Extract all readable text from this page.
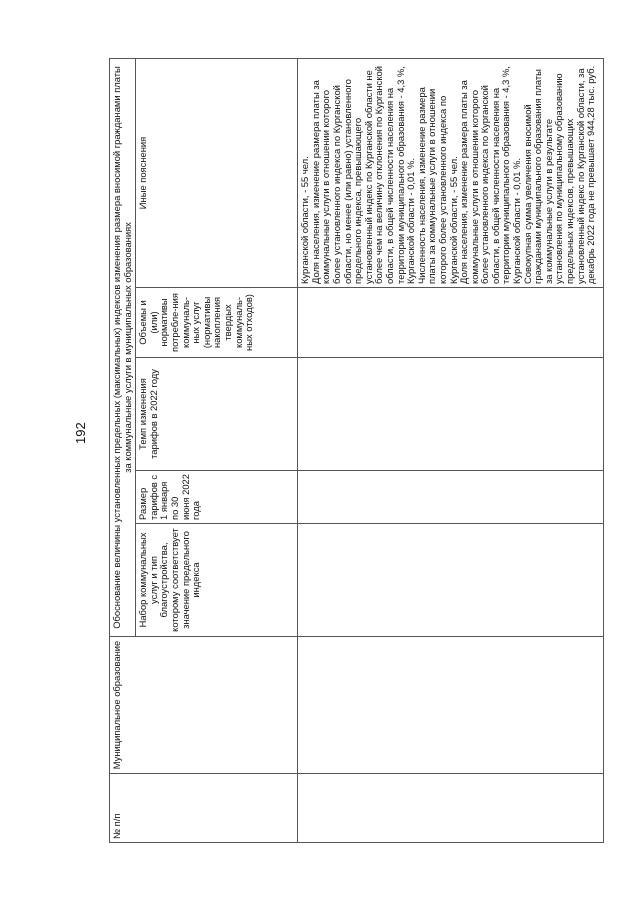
192
№ п/п	Муниципальное образование	Обоснование величины установленных предельных (максимальных) индексов изменения размера вносимой гражданами платы за коммунальные услуги в муниципальных образованиях				
		Набор коммунальных услуг и тип благоустройства, которому соответствует значение предельного индекса	Размер тарифов с 1 января по 30 июня 2022 года	Темп изменения тарифов в 2022 году	Объемы и (или) нормативы потребле-ния коммуналь-ных услуг (нормативы накопления твердых коммуналь-ных отходов)	Иные пояснения

						Курганской области, - 55 чел. Доля населения, изменение размера платы за коммунальные услуги в отношении которого более установленного индекса по Курганской области, но менее (или равно) установленного предельного индекса, превышающего установленный индекс по Курганской области не более чем на величину отклонения по Курганской области, в общей численности населения на территории муниципального образования - 4,3 %, Курганской области - 0,01 %. Численность населения, изменение размера платы за коммунальные услуги в отношении которого более установленного индекса по Курганской области, - 55 чел. Доля населения, изменение размера платы за коммунальные услуги в отношении которого более установленного индекса по Курганской области, в общей численности населения на территории муниципального образования - 4,3 %, Курганской области - 0,01 %. Совокупная сумма увеличения вносимой гражданами муниципального образования платы за коммунальные услуги в результате установления по муниципальному образованию предельных индексов, превышающих установленный индекс по Курганской области, за декабрь 2022 года не превышает 944,28 тыс. руб.
